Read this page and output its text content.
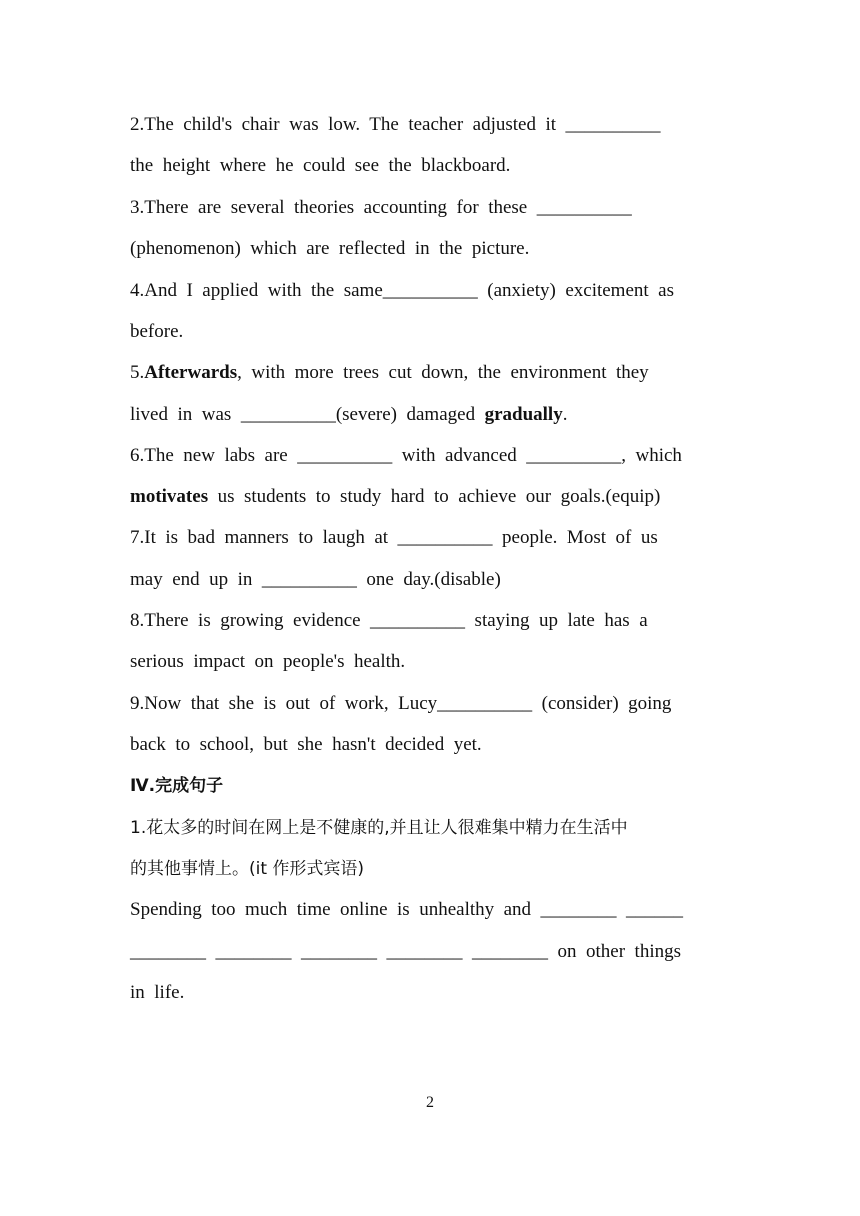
2.The  child's  chair  was  low.  The  teacher  adjusted  it  __________
the  height  where  he  could  see  the  blackboard.
3.There  are  several  theories  accounting  for  these  __________
(phenomenon)  which  are  reflected  in  the  picture.
4.And  I  applied  with  the  same__________  (anxiety)  excitement  as
before.
5.Afterwards,  with  more  trees  cut  down,  the  environment  they
lived  in  was  __________(severe)  damaged  gradually.
6.The  new  labs  are  __________  with  advanced  __________,  which
motivates  us  students  to  study  hard  to  achieve  our  goals.(equip)
7.It  is  bad  manners  to  laugh  at  __________  people.  Most  of  us
may  end  up  in  __________  one  day.(disable)
8.There  is  growing  evidence  __________  staying  up  late  has  a
serious  impact  on  people's  health.
9.Now  that  she  is  out  of  work,  Lucy__________  (consider)  going
back  to  school,  but  she  hasn't  decided  yet.
Ⅳ.完成句子
1.花太多的时间在网上是不健康的,并且让人很难集中精力在生活中
的其他事情上。(it 作形式宾语)
Spending  too  much  time  online  is  unhealthy  and  ________  ______
________  ________  ________  ________  ________  on  other  things
in  life.
2
